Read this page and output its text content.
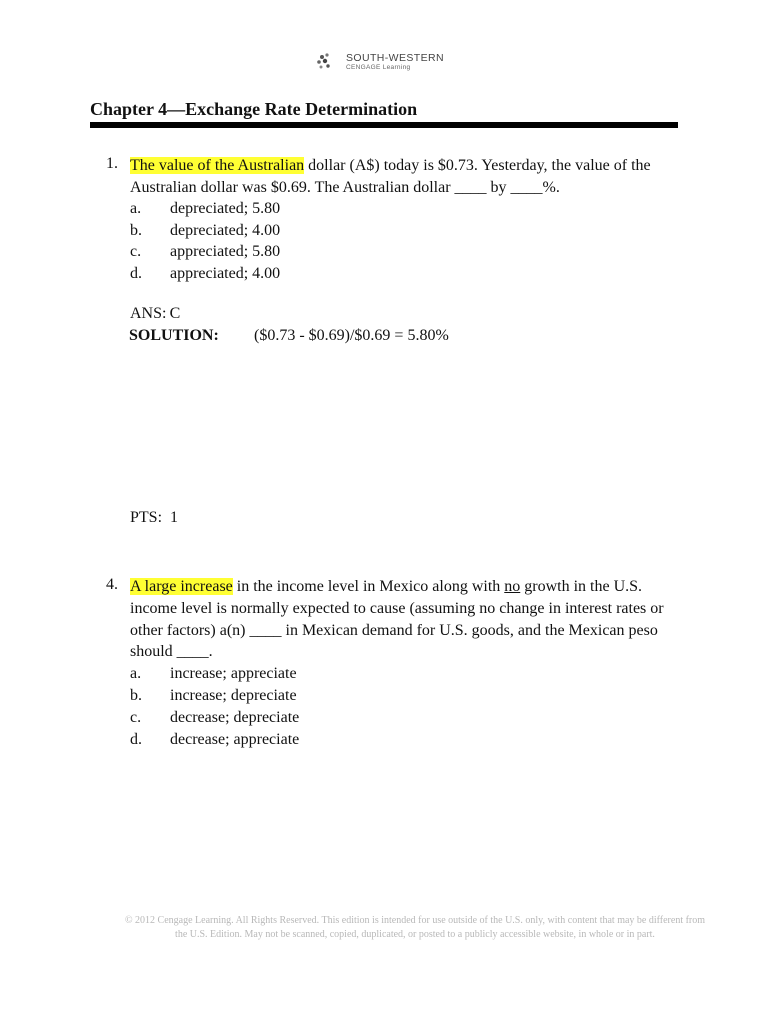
SOUTH-WESTERN
CENGAGE Learning
Chapter 4—Exchange Rate Determination
1. The value of the Australian dollar (A$) today is $0.73. Yesterday, the value of the Australian dollar was $0.69. The Australian dollar ____ by ____%.

a. depreciated; 5.80
b. depreciated; 4.00
c. appreciated; 5.80
d. appreciated; 4.00
ANS: C
SOLUTION: ($0.73 - $0.69)/$0.69 = 5.80%
PTS:  1
4. A large increase in the income level in Mexico along with no growth in the U.S. income level is normally expected to cause (assuming no change in interest rates or other factors) a(n) ____ in Mexican demand for U.S. goods, and the Mexican peso should ____.

a. increase; appreciate
b. increase; depreciate
c. decrease; depreciate
d. decrease; appreciate
© 2012 Cengage Learning. All Rights Reserved. This edition is intended for use outside of the U.S. only, with content that may be different from the U.S. Edition. May not be scanned, copied, duplicated, or posted to a publicly accessible website, in whole or in part.
